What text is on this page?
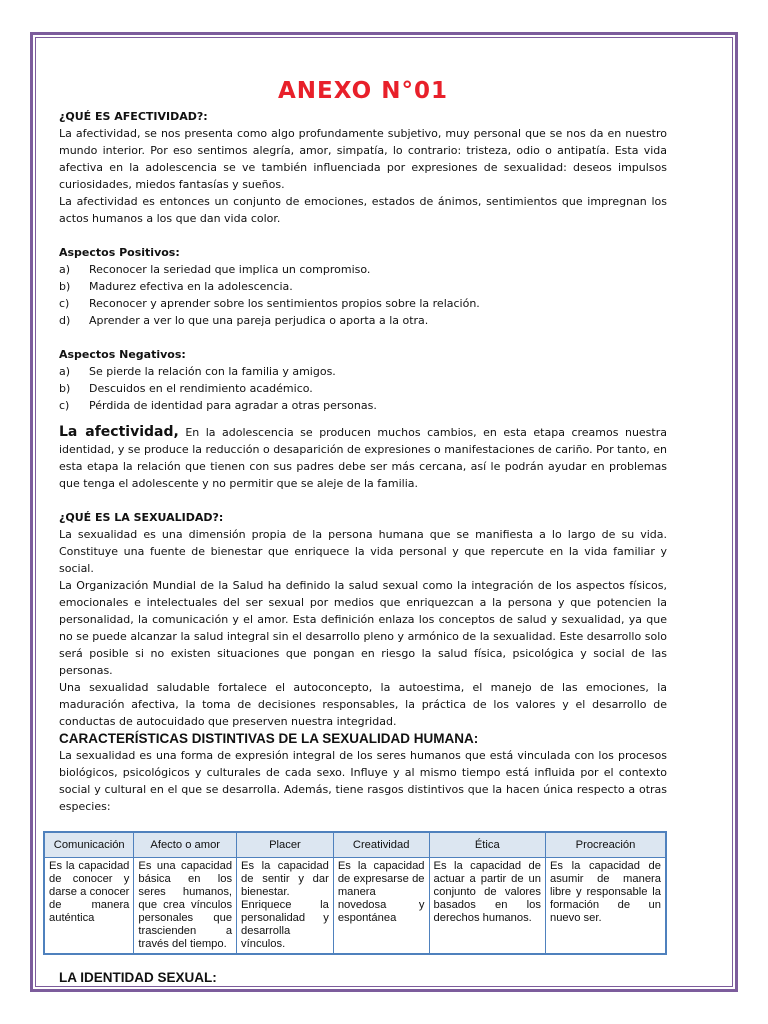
ANEXO N°01
¿QUÉ ES AFECTIVIDAD?:

La afectividad, se nos presenta como algo profundamente subjetivo, muy personal que se nos da en nuestro mundo interior. Por eso sentimos alegría, amor, simpatía, lo contrario: tristeza, odio o antipatía. Esta vida afectiva en la adolescencia se ve también influenciada por expresiones de sexualidad: deseos impulsos curiosidades, miedos fantasías y sueños.

La afectividad es entonces un conjunto de emociones, estados de ánimos, sentimientos que impregnan los actos humanos a los que dan vida color.

Aspectos Positivos:
a)	Reconocer la seriedad que implica un compromiso.
b)	Madurez efectiva en la adolescencia.
c)	Reconocer y aprender sobre los sentimientos propios sobre la relación.
d)	Aprender a ver lo que una pareja perjudica o aporta a la otra.
Aspectos Negativos:
a)	Se pierde la relación con la familia y amigos.
b)	Descuidos en el rendimiento académico.
c)	Pérdida de identidad para agradar a otras personas.

La afectividad, En la adolescencia se producen muchos cambios, en esta etapa creamos nuestra identidad, y se produce la reducción o desaparición de expresiones o manifestaciones de cariño. Por tanto, en esta etapa la relación que tienen con sus padres debe ser más cercana, así le podrán ayudar en problemas que tenga el adolescente y no permitir que se aleje de la familia.

¿QUÉ ES LA SEXUALIDAD?:

La sexualidad es una dimensión propia de la persona humana que se manifiesta a lo largo de su vida. Constituye una fuente de bienestar que enriquece la vida personal y que repercute en la vida familiar y social.

La Organización Mundial de la Salud ha definido la salud sexual como la integración de los aspectos físicos, emocionales e intelectuales del ser sexual por medios que enriquezcan a la persona y que potencien la personalidad, la comunicación y el amor. Esta definición enlaza los conceptos de salud y sexualidad, ya que no se puede alcanzar la salud integral sin el desarrollo pleno y armónico de la sexualidad. Este desarrollo solo será posible si no existen situaciones que pongan en riesgo la salud física, psicológica y social de las personas.

Una sexualidad saludable fortalece el autoconcepto, la autoestima, el manejo de las emociones, la maduración afectiva, la toma de decisiones responsables, la práctica de los valores y el desarrollo de conductas de autocuidado que preserven nuestra integridad.

CARACTERÍSTICAS DISTINTIVAS DE LA SEXUALIDAD HUMANA:

La sexualidad es una forma de expresión integral de los seres humanos que está vinculada con los procesos biológicos, psicológicos y culturales de cada sexo. Influye y al mismo tiempo está influida por el contexto social y cultural en el que se desarrolla. Además, tiene rasgos distintivos que la hacen única respecto a otras especies:

Comunicación	Afecto o amor	Placer	Creatividad	Ética	Procreación
Es la capacidad de conocer y darse a conocer de manera auténtica	Es una capacidad básica en los seres humanos, que crea vínculos personales que trascienden a través del tiempo.	Es la capacidad de sentir y dar bienestar. Enriquece la personalidad y desarrolla vínculos.	Es la capacidad de expresarse de manera novedosa y espontánea	Es la capacidad de actuar a partir de un conjunto de valores basados en los derechos humanos.	Es la capacidad de asumir de manera libre y responsable la formación de un nuevo ser.
LA IDENTIDAD SEXUAL:
